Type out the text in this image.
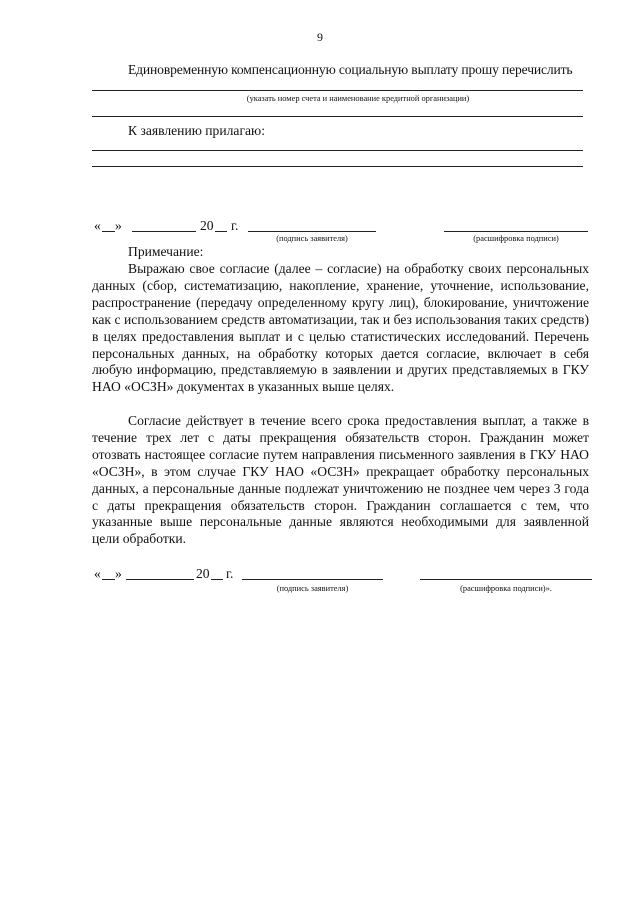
9
Единовременную компенсационную социальную выплату прошу перечислить
(указать номер счета и наименование кредитной организации)
К заявлению прилагаю:
« »	20 г.
(подпись заявителя)	(расшифровка подписи)
Примечание:
Выражаю свое согласие (далее – согласие) на обработку своих персональных данных (сбор, систематизацию, накопление, хранение, уточнение, использование, распространение (передачу определенному кругу лиц), блокирование, уничтожение как с использованием средств автоматизации, так и без использования таких средств) в целях предоставления выплат и с целью статистических исследований. Перечень персональных данных, на обработку которых дается согласие, включает в себя любую информацию, представляемую в заявлении и других представляемых в ГКУ НАО «ОСЗН» документах в указанных выше целях.
Согласие действует в течение всего срока предоставления выплат, а также в течение трех лет с даты прекращения обязательств сторон. Гражданин может отозвать настоящее согласие путем направления письменного заявления в ГКУ НАО «ОСЗН», в этом случае ГКУ НАО «ОСЗН» прекращает обработку персональных данных, а персональные данные подлежат уничтожению не позднее чем через 3 года с даты прекращения обязательств сторон. Гражданин соглашается с тем, что указанные выше персональные данные являются необходимыми для заявленной цели обработки.
« »	20 г.
(подпись заявителя)	(расшифровка подписи)».
